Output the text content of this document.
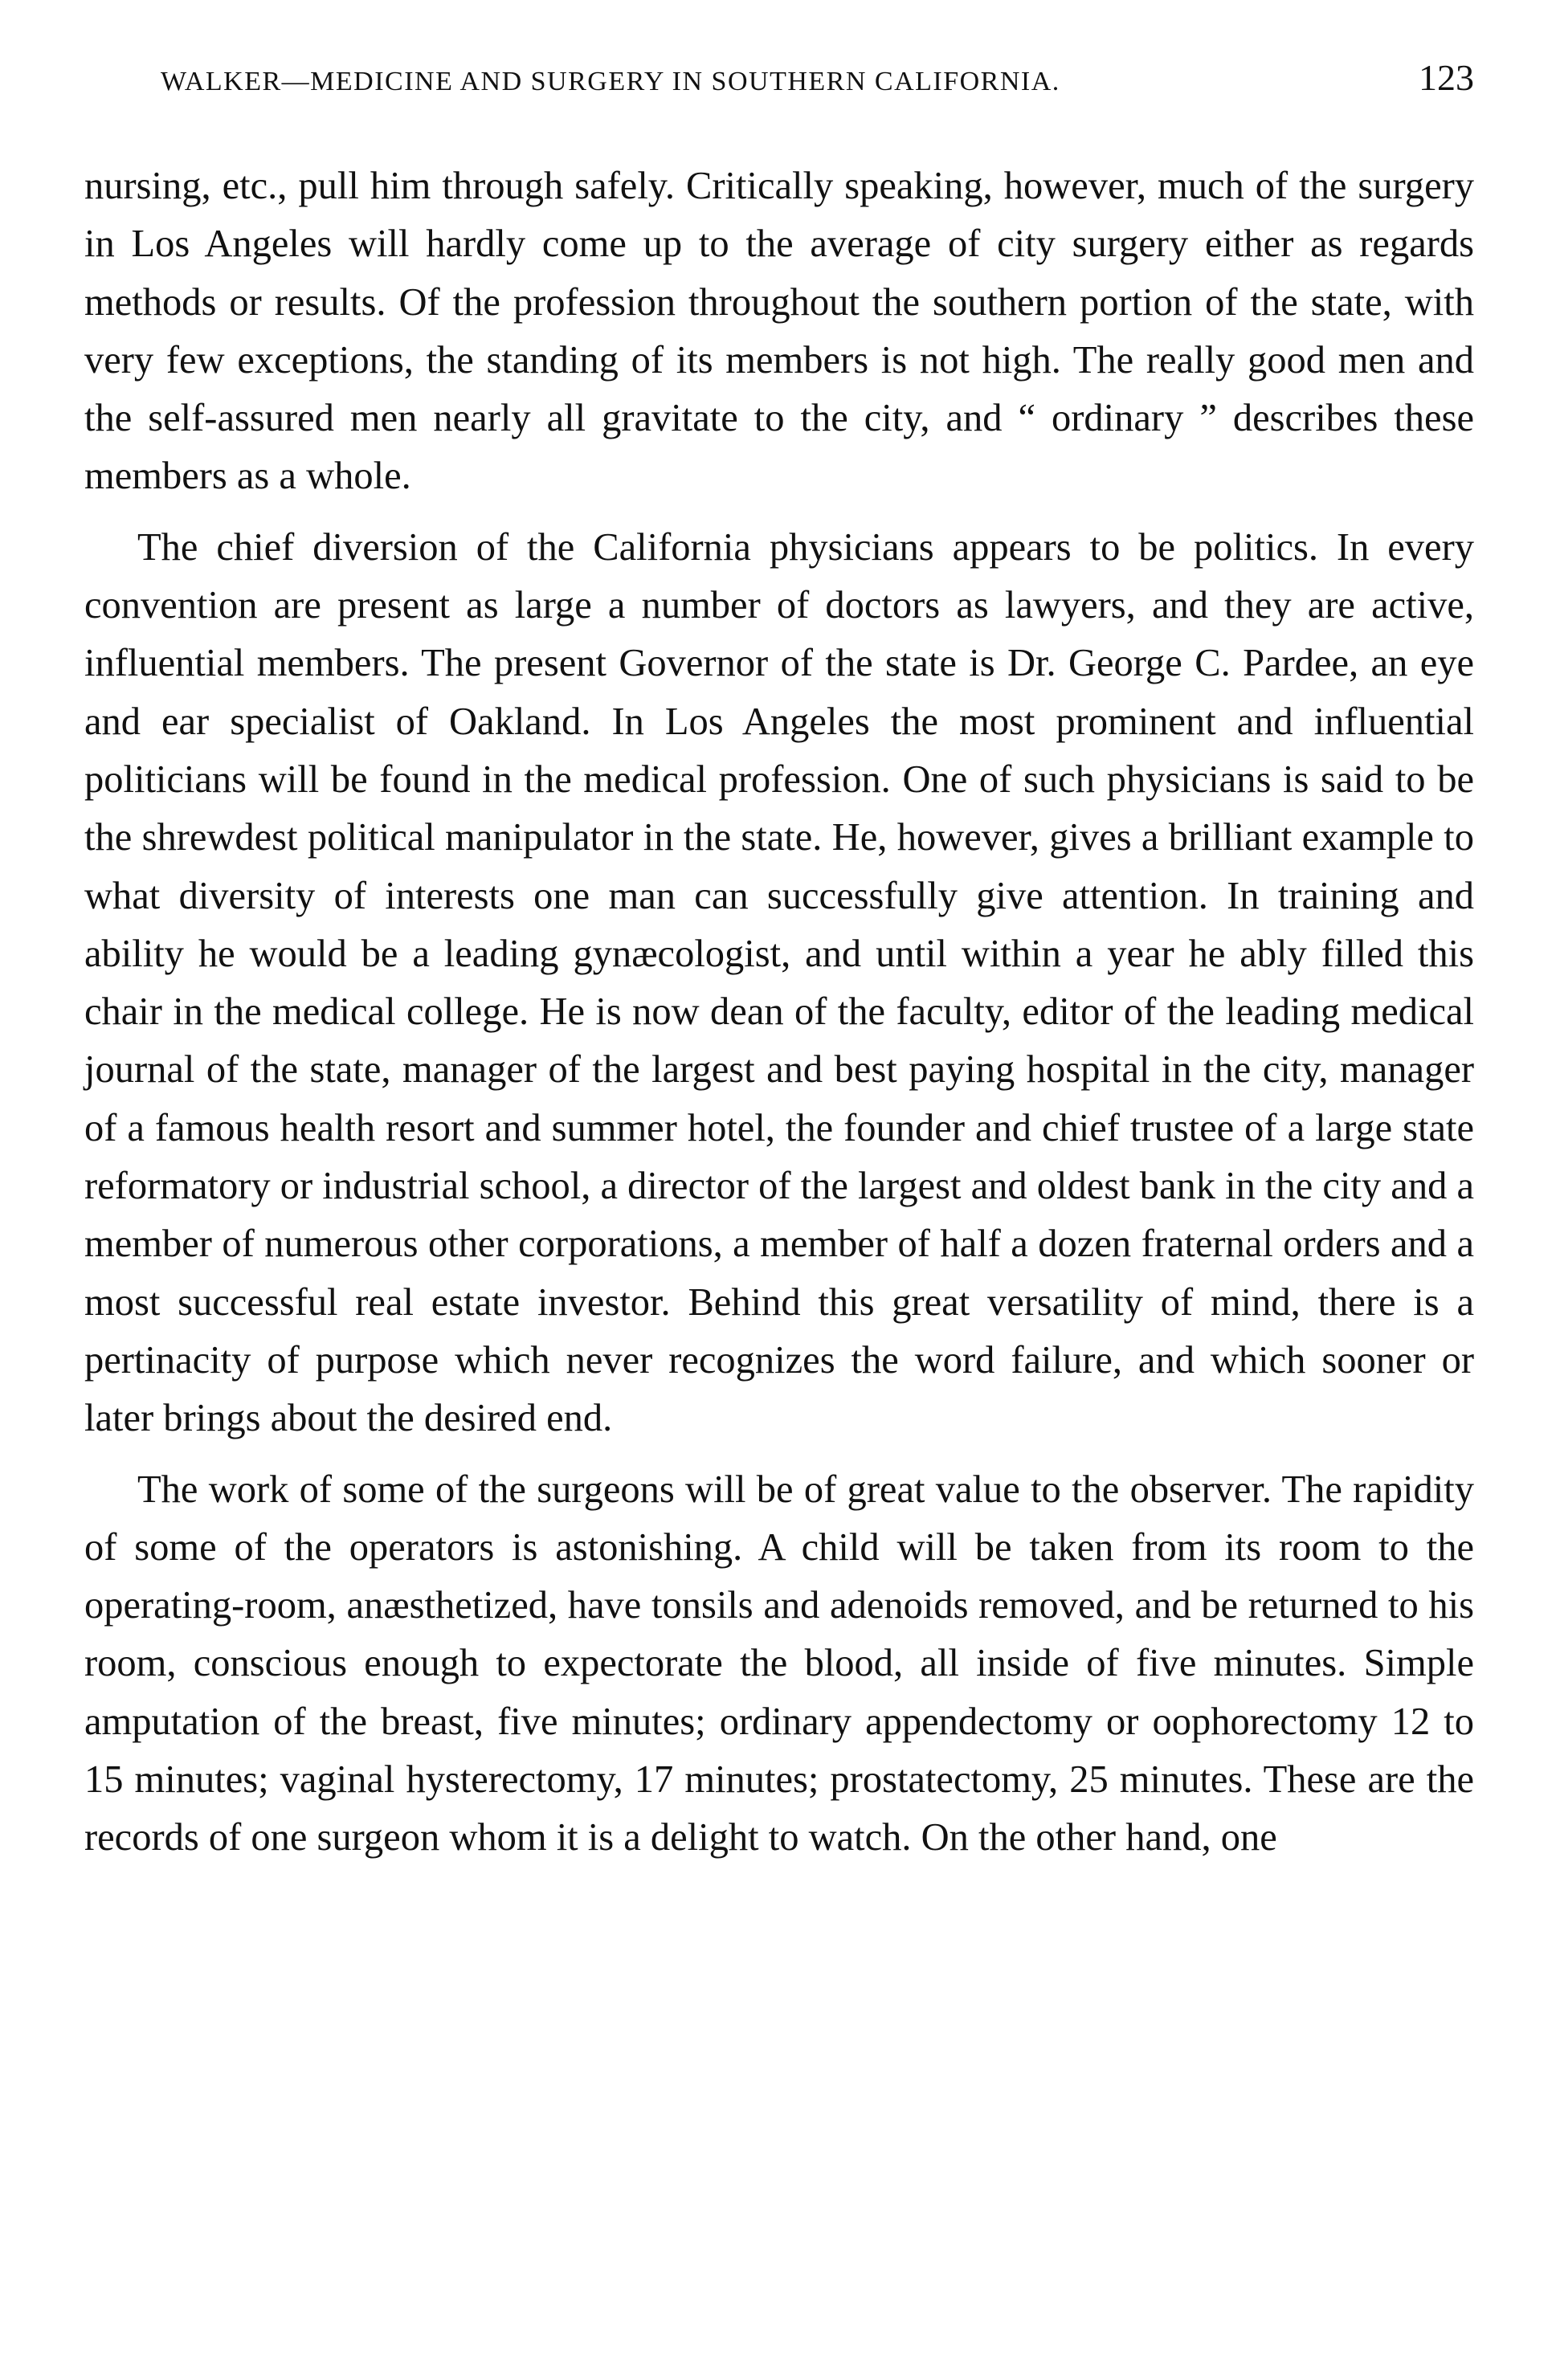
WALKER—MEDICINE AND SURGERY IN SOUTHERN CALIFORNIA.	123

nursing, etc., pull him through safely. Critically speaking, however, much of the surgery in Los Angeles will hardly come up to the average of city surgery either as regards methods or results. Of the profession throughout the southern portion of the state, with very few exceptions, the standing of its members is not high. The really good men and the self-assured men nearly all gravitate to the city, and “ ordinary ” describes these members as a whole.

The chief diversion of the California physicians appears to be politics. In every convention are present as large a number of doctors as lawyers, and they are active, influential members. The present Governor of the state is Dr. George C. Pardee, an eye and ear specialist of Oakland. In Los Angeles the most prominent and influential politicians will be found in the medical profession. One of such physicians is said to be the shrewdest political manipulator in the state. He, however, gives a brilliant example to what diversity of interests one man can successfully give attention. In training and ability he would be a leading gynæcologist, and until within a year he ably filled this chair in the medical college. He is now dean of the faculty, editor of the leading medical journal of the state, manager of the largest and best paying hospital in the city, manager of a famous health resort and summer hotel, the founder and chief trustee of a large state reformatory or industrial school, a director of the largest and oldest bank in the city and a member of numerous other corporations, a member of half a dozen fraternal orders and a most successful real estate investor. Behind this great versatility of mind, there is a pertinacity of purpose which never recognizes the word failure, and which sooner or later brings about the desired end.

The work of some of the surgeons will be of great value to the observer. The rapidity of some of the operators is astonishing. A child will be taken from its room to the operating-room, anæsthetized, have tonsils and adenoids removed, and be returned to his room, conscious enough to expectorate the blood, all inside of five minutes. Simple amputation of the breast, five minutes; ordinary appendectomy or oophorectomy 12 to 15 minutes; vaginal hysterectomy, 17 minutes; prostatectomy, 25 minutes. These are the records of one surgeon whom it is a delight to watch. On the other hand, one
